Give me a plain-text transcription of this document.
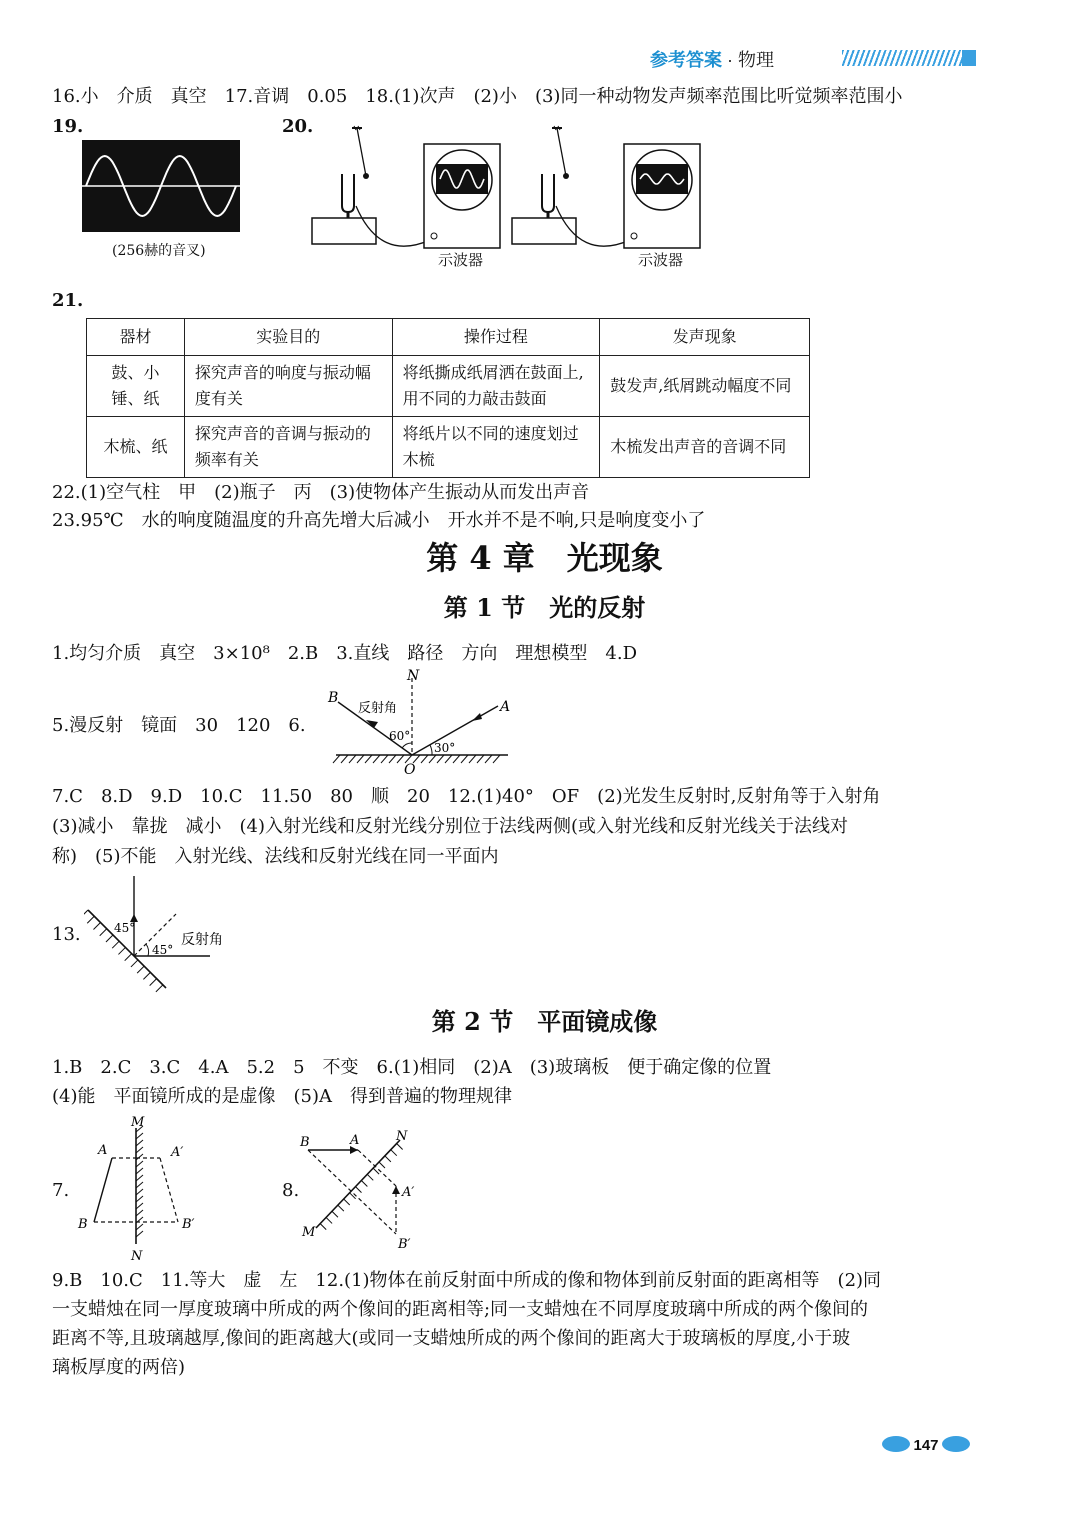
参考答案 · 物理
16.小　介质　真空　17.音调　0.05　18.(1)次声　(2)小　(3)同一种动物发声频率范围比听觉频率范围小
19.
(256赫的音叉)
20.
示波器	示波器
21.
器材	实验目的	操作过程	发声现象
鼓、小锤、纸	探究声音的响度与振动幅度有关	将纸撕成纸屑洒在鼓面上,用不同的力敲击鼓面	鼓发声,纸屑跳动幅度不同
木梳、纸	探究声音的音调与振动的频率有关	将纸片以不同的速度划过木梳	木梳发出声音的音调不同
22.(1)空气柱　甲　(2)瓶子　丙　(3)使物体产生振动从而发出声音
23.95℃　水的响度随温度的升高先增大后减小　开水并不是不响,只是响度变小了
第 4 章　光现象
第 1 节　光的反射
1.均匀介质　真空　3×10⁸　2.B　3.直线　路径　方向　理想模型　4.D
5.漫反射　镜面　30　120　6.
B
A
N
O
反射角
60°
30°
7.C　8.D　9.D　10.C　11.50　80　顺　20　12.(1)40°　OF　(2)光发生反射时,反射角等于入射角
(3)减小　靠拢　减小　(4)入射光线和反射光线分别位于法线两侧(或入射光线和反射光线关于法线对
称)　(5)不能　入射光线、法线和反射光线在同一平面内
13.	45°
45°
反射角
第 2 节　平面镜成像
1.B　2.C　3.C　4.A　5.2　5　不变　6.(1)相同　(2)A　(3)玻璃板　便于确定像的位置
(4)能　平面镜所成的是虚像　(5)A　得到普遍的物理规律
7.
M
N
A	A′
B	B′
8.
B	A	N
M
A′
B′
9.B　10.C　11.等大　虚　左　12.(1)物体在前反射面中所成的像和物体到前反射面的距离相等　(2)同
一支蜡烛在同一厚度玻璃中所成的两个像间的距离相等;同一支蜡烛在不同厚度玻璃中所成的两个像间的
距离不等,且玻璃越厚,像间的距离越大(或同一支蜡烛所成的两个像间的距离大于玻璃板的厚度,小于玻
璃板厚度的两倍)
147
